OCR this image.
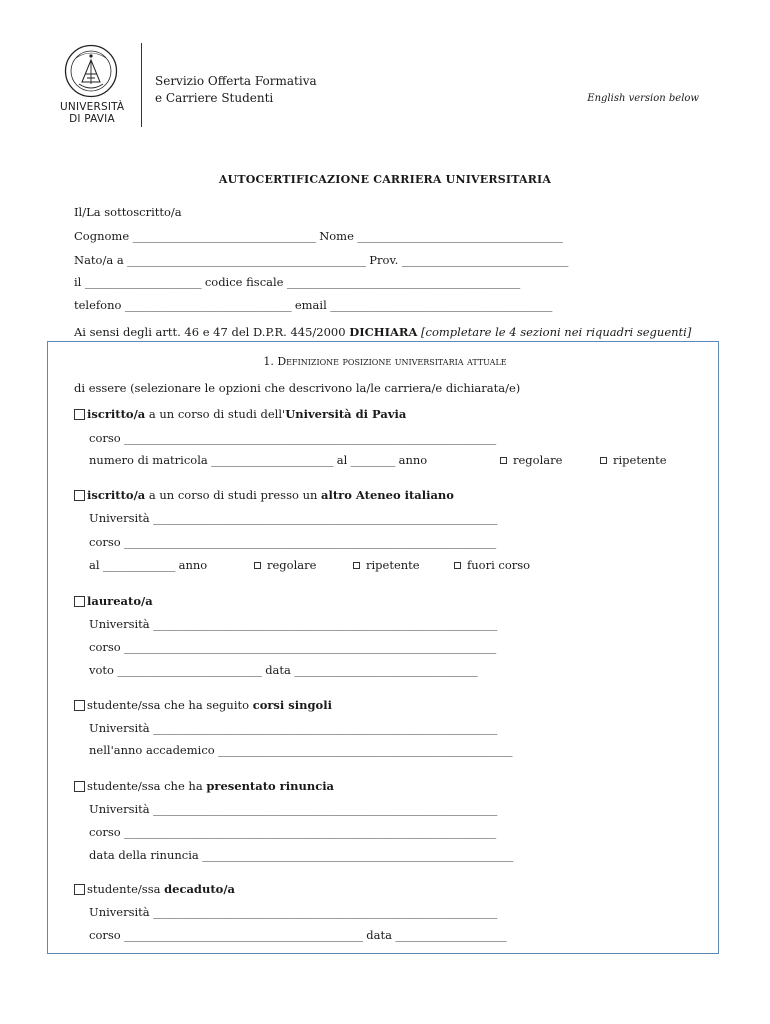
UNIVERSITÀ
DI PAVIA
Servizio Offerta Formativa
e Carriere Studenti	English version below
AUTOCERTIFICAZIONE CARRIERA UNIVERSITARIA
Il/La sottoscritto/a
Cognome _________________________________ Nome _____________________________________
Nato/a a ___________________________________________ Prov. ______________________________
il _____________________ codice fiscale __________________________________________
telefono ______________________________ email ________________________________________
Ai sensi degli artt. 46 e 47 del D.P.R. 445/2000 DICHIARA [completare le 4 sezioni nei riquadri seguenti]
1. Definizione posizione universitaria attuale
di essere (selezionare le opzioni che descrivono la/le carriera/e dichiarata/e)
iscritto/a a un corso di studi dell'Università di Pavia
corso ___________________________________________________________________
numero di matricola ______________________ al ________ anno	regolare	ripetente
iscritto/a a un corso di studi presso un altro Ateneo italiano
Università ______________________________________________________________
corso ___________________________________________________________________
al _____________ anno	regolare	ripetente	fuori corso
laureato/a
Università ______________________________________________________________
corso ___________________________________________________________________
voto __________________________ data _________________________________
studente/ssa che ha seguito corsi singoli
Università ______________________________________________________________
nell'anno accademico _____________________________________________________
studente/ssa che ha presentato rinuncia
Università ______________________________________________________________
corso ___________________________________________________________________
data della rinuncia ________________________________________________________
studente/ssa decaduto/a
Università ______________________________________________________________
corso ___________________________________________ data ____________________
